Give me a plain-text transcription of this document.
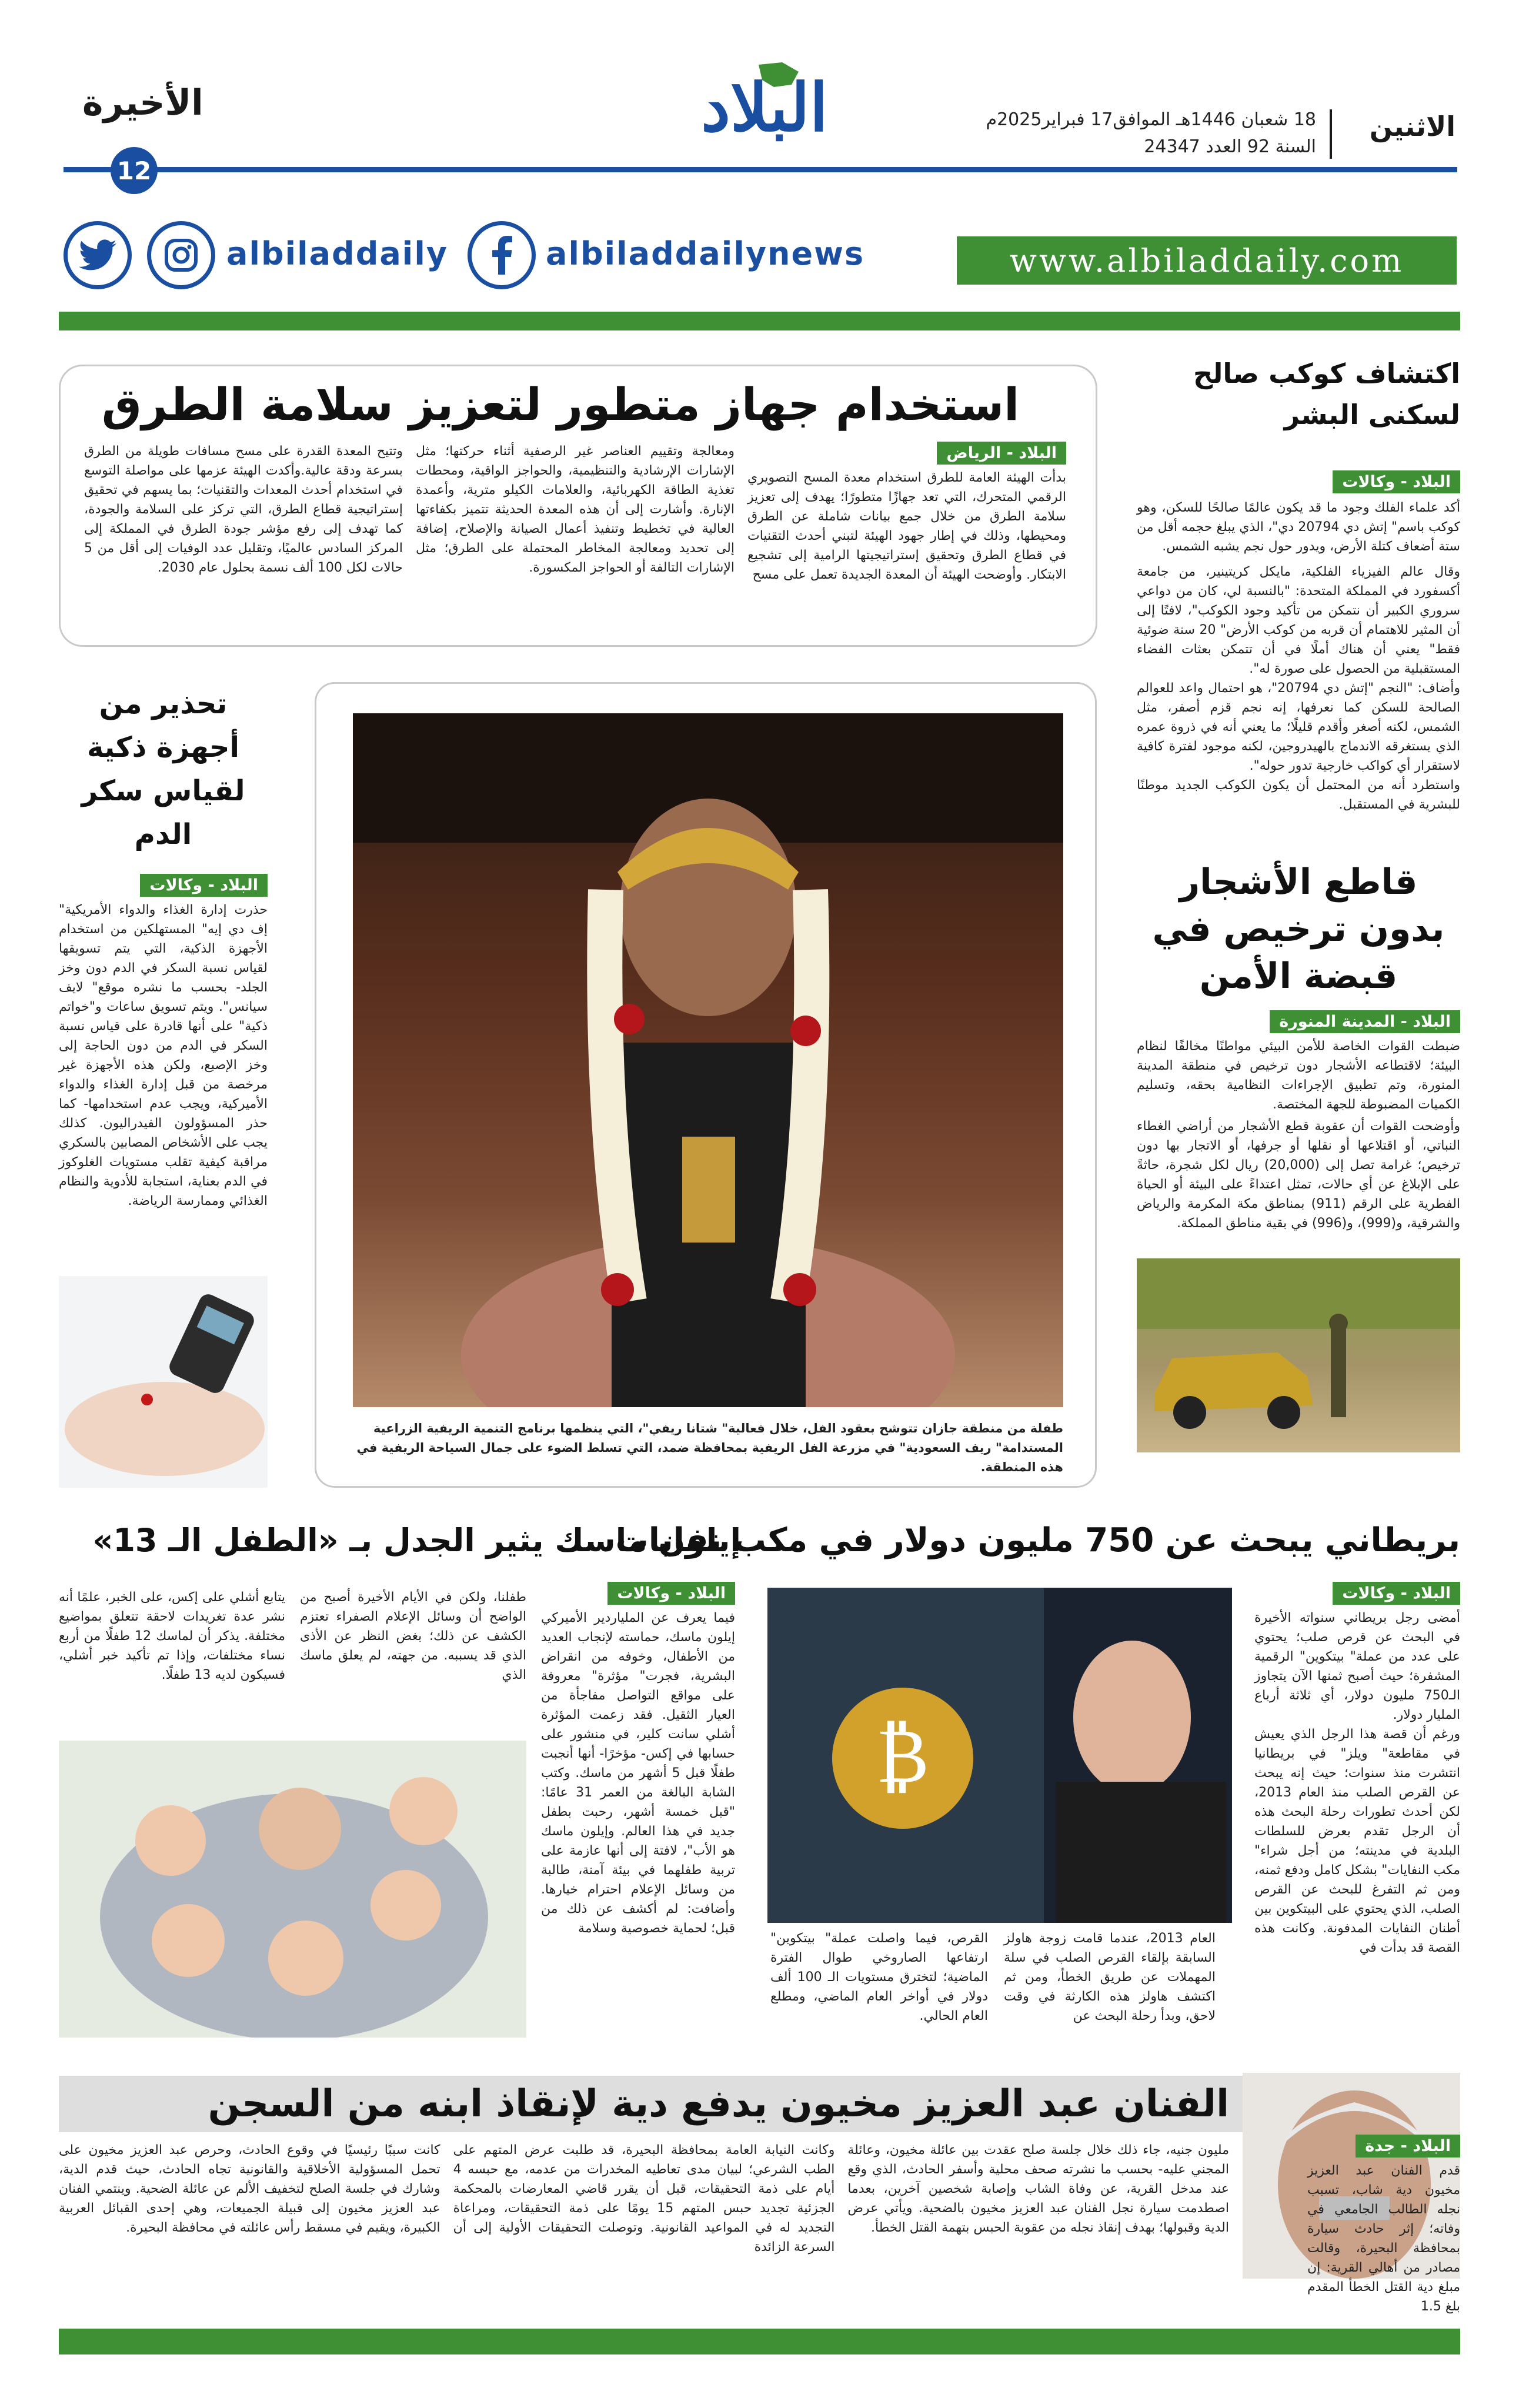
الاثنين
18 شعبان 1446هـ الموافق17 فبراير2025م
السنة 92 العدد 24347
البلاد
الأخيرة
12
albiladdaily	albiladdailynews	www.albiladdaily.com
اكتشاف كوكب صالح لسكنى البشر
البلاد - وكالات

أكد علماء الفلك وجود ما قد يكون عالمًا صالحًا للسكن، وهو كوكب باسم" إتش دي 20794 دي"، الذي يبلغ حجمه أقل من ستة أضعاف كتلة الأرض، ويدور حول نجم يشبه الشمس.

وقال عالم الفيزياء الفلكية، مايكل كريتينير، من جامعة أكسفورد في المملكة المتحدة: "بالنسبة لي، كان من دواعي سروري الكبير أن نتمكن من تأكيد وجود الكوكب"، لافتًا إلى أن المثير للاهتمام أن قربه من كوكب الأرض" 20 سنة ضوئية فقط" يعني أن هناك أملًا في أن تتمكن بعثات الفضاء المستقبلية من الحصول على صورة له".

وأضاف: "النجم "إتش دي 20794"، هو احتمال واعد للعوالم الصالحة للسكن كما نعرفها، إنه نجم قزم أصفر، مثل الشمس، لكنه أصغر وأقدم قليلًا؛ ما يعني أنه في ذروة عمره الذي يستغرقه الاندماج بالهيدروجين، لكنه موجود لفترة كافية لاستقرار أي كواكب خارجية تدور حوله".

واستطرد أنه من المحتمل أن يكون الكوكب الجديد موطنًا للبشرية في المستقبل.

استخدام جهاز متطور لتعزيز سلامة الطرق
البلاد - الرياض

بدأت الهيئة العامة للطرق استخدام معدة المسح التصويري الرقمي المتحرك، التي تعد جهازًا متطورًا؛ يهدف إلى تعزيز سلامة الطرق من خلال جمع بيانات شاملة عن الطرق ومحيطها، وذلك في إطار جهود الهيئة لتبني أحدث التقنيات في قطاع الطرق وتحقيق إستراتيجيتها الرامية إلى تشجيع الابتكار. وأوضحت الهيئة أن المعدة الجديدة تعمل على مسح

ومعالجة وتقييم العناصر غير الرصفية أثناء حركتها؛ مثل الإشارات الإرشادية والتنظيمية، والحواجز الواقية، ومحطات تغذية الطاقة الكهربائية، والعلامات الكيلو مترية، وأعمدة الإنارة. وأشارت إلى أن هذه المعدة الحديثة تتميز بكفاءتها العالية في تخطيط وتنفيذ أعمال الصيانة والإصلاح، إضافة إلى تحديد ومعالجة المخاطر المحتملة على الطرق؛ مثل الإشارات التالفة أو الحواجز المكسورة.

وتتيح المعدة القدرة على مسح مسافات طويلة من الطرق بسرعة ودقة عالية.وأكدت الهيئة عزمها على مواصلة التوسع في استخدام أحدث المعدات والتقنيات؛ بما يسهم في تحقيق إستراتيجية قطاع الطرق، التي تركز على السلامة والجودة، كما تهدف إلى رفع مؤشر جودة الطرق في المملكة إلى المركز السادس عالميًا، وتقليل عدد الوفيات إلى أقل من 5 حالات لكل 100 ألف نسمة بحلول عام 2030.

طفلة من منطقة جازان تتوشح بعقود الفل، خلال فعالية" شتانا ريفي"، التي ينظمها برنامج التنمية الريفية الزراعية المستدامة" ريف السعودية" في مزرعة الفل الريفية بمحافظة ضمد، التي تسلط الضوء على جمال السياحة الريفية في هذه المنطقة.
تحذير من أجهزة ذكية لقياس سكر الدم
البلاد - وكالات

حذرت إدارة الغذاء والدواء الأمريكية" إف دي إيه" المستهلكين من استخدام الأجهزة الذكية، التي يتم تسويقها لقياس نسبة السكر في الدم دون وخز الجلد- بحسب ما نشره موقع" لايف سيانس". ويتم تسويق ساعات و"خواتم ذكية" على أنها قادرة على قياس نسبة السكر في الدم من دون الحاجة إلى وخز الإصبع، ولكن هذه الأجهزة غير مرخصة من قبل إدارة الغذاء والدواء الأميركية، ويجب عدم استخدامها- كما حذر المسؤولون الفيدراليون. كذلك يجب على الأشخاص المصابين بالسكري مراقبة كيفية تقلب مستويات الغلوكوز في الدم بعناية، استجابة للأدوية والنظام الغذائي وممارسة الرياضة.

قاطع الأشجار بدون ترخيص في قبضة الأمن
البلاد - المدينة المنورة

ضبطت القوات الخاصة للأمن البيئي مواطنًا مخالفًا لنظام البيئة؛ لاقتطاعه الأشجار دون ترخيص في منطقة المدينة المنورة، وتم تطبيق الإجراءات النظامية بحقه، وتسليم الكميات المضبوطة للجهة المختصة.

وأوضحت القوات أن عقوبة قطع الأشجار من أراضي الغطاء النباتي، أو اقتلاعها أو نقلها أو جرفها، أو الاتجار بها دون ترخيص؛ غرامة تصل إلى (20,000) ريال لكل شجرة، حاثةً على الإبلاغ عن أي حالات، تمثل اعتداءً على البيئة أو الحياة الفطرية على الرقم (911) بمناطق مكة المكرمة والرياض والشرقية، و(999)، و(996) في بقية مناطق المملكة.

بريطاني يبحث عن 750 مليون دولار في مكب نفايات
البلاد - وكالات

أمضى رجل بريطاني سنواته الأخيرة في البحث عن قرص صلب؛ يحتوي على عدد من عملة" بيتكوين" الرقمية المشفرة؛ حيث أصبح ثمنها الآن يتجاوز الـ750 مليون دولار، أي ثلاثة أرباع المليار دولار.

ورغم أن قصة هذا الرجل الذي يعيش في مقاطعة" ويلز" في بريطانيا انتشرت منذ سنوات؛ حيث إنه يبحث عن القرص الصلب منذ العام 2013، لكن أحدث تطورات رحلة البحث هذه أن الرجل تقدم بعرض للسلطات البلدية في مدينته؛ من أجل شراء" مكب النفايات" بشكل كامل ودفع ثمنه، ومن ثم التفرغ للبحث عن القرص الصلب، الذي يحتوي على البيتكوين بين أطنان النفايات المدفونة. وكانت هذه القصة قد بدأت في

₿

العام 2013، عندما قامت زوجة هاولز السابقة بإلقاء القرص الصلب في سلة المهملات عن طريق الخطأ، ومن ثم اكتشف هاولز هذه الكارثة في وقت لاحق، وبدأ رحلة البحث عن

القرص، فيما واصلت عملة" بيتكوين" ارتفاعها الصاروخي طوال الفترة الماضية؛ لتخترق مستويات الـ 100 ألف دولار في أواخر العام الماضي، ومطلع العام الحالي.

إيلون ماسك يثير الجدل بـ «الطفل الـ 13»
البلاد - وكالات

فيما يعرف عن الملياردير الأميركي إيلون ماسك، حماسته لإنجاب العديد من الأطفال، وخوفه من انقراض البشرية، فجرت" مؤثرة" معروفة على مواقع التواصل مفاجأة من العيار الثقيل. فقد زعمت المؤثرة أشلي سانت كلير، في منشور على حسابها في إكس- مؤخرًا- أنها أنجبت طفلًا قبل 5 أشهر من ماسك. وكتب الشابة البالغة من العمر 31 عامًا: "قبل خمسة أشهر، رحبت بطفل جديد في هذا العالم. وإيلون ماسك هو الأب"، لافتة إلى أنها عازمة على تربية طفلهما في بيئة آمنة، طالبة من وسائل الإعلام احترام خيارها. وأضافت: لم أكشف عن ذلك من قبل؛ لحماية خصوصية وسلامة

طفلنا، ولكن في الأيام الأخيرة أصبح من الواضح أن وسائل الإعلام الصفراء تعتزم الكشف عن ذلك؛ بغض النظر عن الأذى الذي قد يسببه. من جهته، لم يعلق ماسك الذي

يتابع أشلي على إكس، على الخبر، علمًا أنه نشر عدة تغريدات لاحقة تتعلق بمواضيع مختلفة. يذكر أن لماسك 12 طفلًا من أربع نساء مختلفات، وإذا تم تأكيد خبر أشلي، فسيكون لديه 13 طفلًا.

الفنان عبد العزيز مخيون يدفع دية لإنقاذ ابنه من السجن
البلاد - جدة

قدم الفنان عبد العزيز مخيون دية شاب، تسبب نجله الطالب الجامعي في وفاته؛ إثر حادث سيارة بمحافظة البحيرة، وقالت مصادر من أهالي القرية: إن مبلغ دية القتل الخطأ المقدم بلغ 1.5

مليون جنيه، جاء ذلك خلال جلسة صلح عقدت بين عائلة مخيون، وعائلة المجني عليه- بحسب ما نشرته صحف محلية وأسفر الحادث، الذي وقع عند مدخل القرية، عن وفاة الشاب وإصابة شخصين آخرين، بعدما اصطدمت سيارة نجل الفنان عبد العزيز مخيون بالضحية. ويأتي عرض الدية وقبولها؛ بهدف إنقاذ نجله من عقوبة الحبس بتهمة القتل الخطأ.

وكانت النيابة العامة بمحافظة البحيرة، قد طلبت عرض المتهم على الطب الشرعي؛ لبيان مدى تعاطيه المخدرات من عدمه، مع حبسه 4 أيام على ذمة التحقيقات، قبل أن يقرر قاضي المعارضات بالمحكمة الجزئية تجديد حبس المتهم 15 يومًا على ذمة التحقيقات، ومراعاة التجديد له في المواعيد القانونية. وتوصلت التحقيقات الأولية إلى أن السرعة الزائدة

كانت سببًا رئيسيًا في وقوع الحادث، وحرص عبد العزيز مخيون على تحمل المسؤولية الأخلاقية والقانونية تجاه الحادث، حيث قدم الدية، وشارك في جلسة الصلح لتخفيف الألم عن عائلة الضحية. وينتمي الفنان عبد العزيز مخيون إلى قبيلة الجميعات، وهي إحدى القبائل العربية الكبيرة، ويقيم في مسقط رأس عائلته في محافظة البحيرة.
